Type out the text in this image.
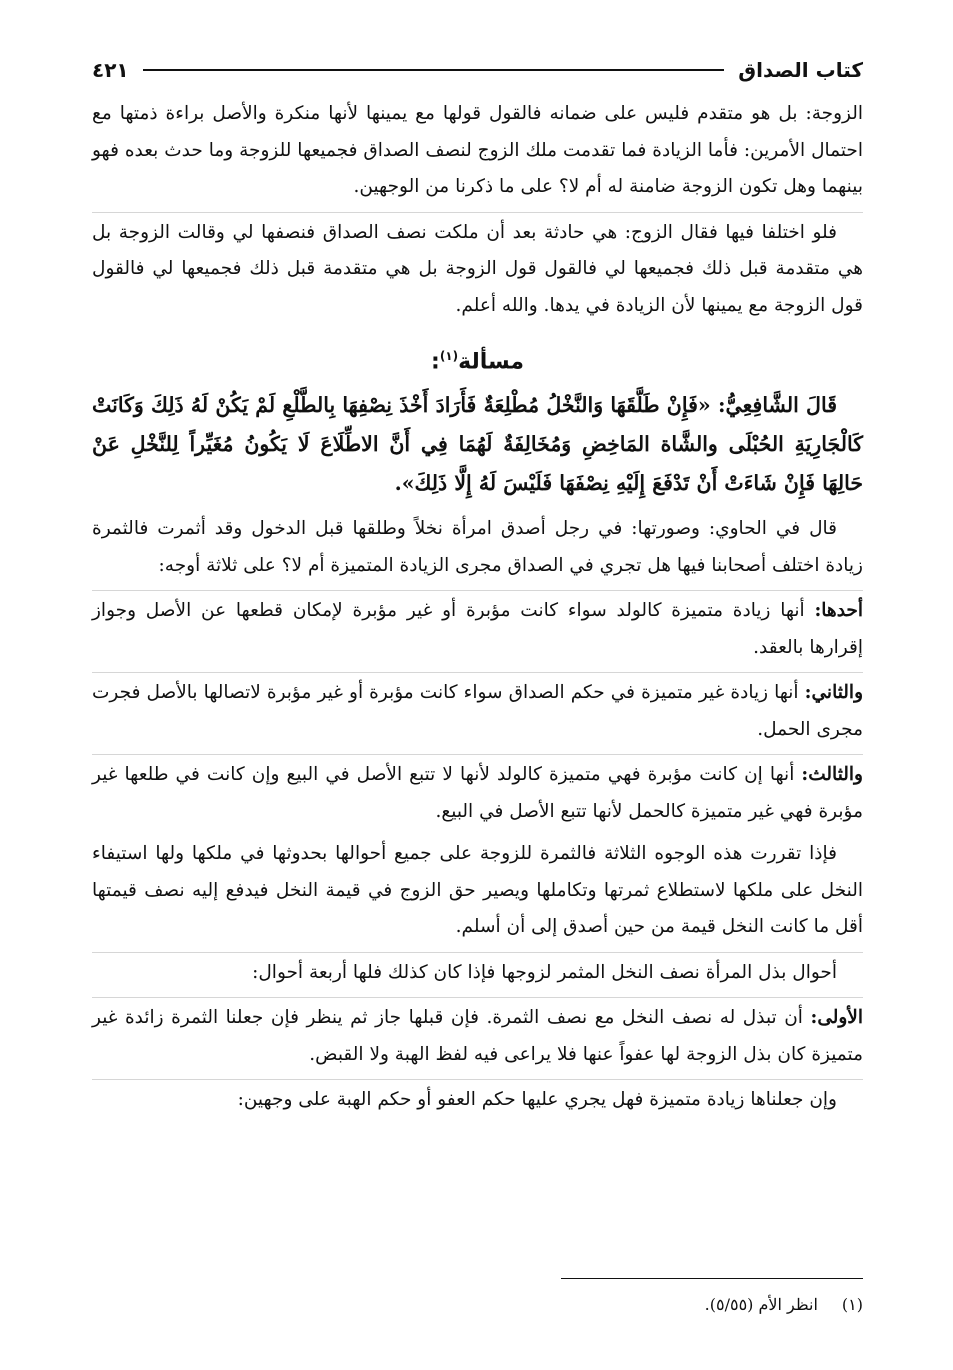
كتاب الصداق
٤٢١

الزوجة: بل هو متقدم فليس على ضمانه فالقول قولها مع يمينها لأنها منكرة والأصل براءة ذمتها مع احتمال الأمرين: فأما الزيادة فما تقدمت ملك الزوج لنصف الصداق فجميعها للزوجة وما حدث بعده فهو بينهما وهل تكون الزوجة ضامنة له أم لا؟ على ما ذكرنا من الوجهين.

فلو اختلفا فيها فقال الزوج: هي حادثة بعد أن ملكت نصف الصداق فنصفها لي وقالت الزوجة بل هي متقدمة قبل ذلك فجميعها لي فالقول قول الزوجة بل هي متقدمة قبل ذلك فجميعها لي فالقول قول الزوجة مع يمينها لأن الزيادة في يدها. والله أعلم.

مسألة$^{(١)}$:

قَالَ الشَّافِعِيُّ: «فَإِنْ طَلَّقَهَا وَالنَّخْلُ مُطْلِعَةٌ فَأَرَادَ أَخْذَ نِصْفِهَا بِالطَّلْعِ لَمْ يَكُنْ لَهُ ذَلِكَ وَكَانَتْ كَالْجَارِيَةِ الحُبْلَى والشَّاة المَاخِضِ وَمُخَالِفَةٌ لَهُمَا فِي أَنَّ الاطِّلَاعَ لَا يَكُونُ مُغَيِّراً لِلنَّخْلِ عَنْ حَالِهَا فَإِنْ شَاءَتْ أَنْ تَدْفَعَ إِلَيْهِ نِصْفَهَا فَلَيْسَ لَهُ إِلَّا ذَلِكَ».

قال في الحاوي: وصورتها: في رجل أصدق امرأة نخلاً وطلقها قبل الدخول وقد أثمرت فالثمرة زيادة اختلف أصحابنا فيها هل تجري في الصداق مجرى الزيادة المتميزة أم لا؟ على ثلاثة أوجه:

أحدها: أنها زيادة متميزة كالولد سواء كانت مؤبرة أو غير مؤبرة لإمكان قطعها عن الأصل وجواز إقرارها بالعقد.

والثاني: أنها زيادة غير متميزة في حكم الصداق سواء كانت مؤبرة أو غير مؤبرة لاتصالها بالأصل فجرت مجرى الحمل.

والثالث: أنها إن كانت مؤبرة فهي متميزة كالولد لأنها لا تتبع الأصل في البيع وإن كانت في طلعها غير مؤبرة فهي غير متميزة كالحمل لأنها تتبع الأصل في البيع.

فإذا تقررت هذه الوجوه الثلاثة فالثمرة للزوجة على جميع أحوالها بحدوثها في ملكها ولها استيفاء النخل على ملكها لاستطلاع ثمرتها وتكاملها ويصير حق الزوج في قيمة النخل فيدفع إليه نصف قيمتها أقل ما كانت النخل قيمة من حين أصدق إلى أن أسلم.

أحوال بذل المرأة نصف النخل المثمر لزوجها فإذا كان كذلك فلها أربعة أحوال:

الأولى: أن تبذل له نصف النخل مع نصف الثمرة. فإن قبلها جاز ثم ينظر فإن جعلنا الثمرة زائدة غير متميزة كان بذل الزوجة لها عفواً عنها فلا يراعى فيه لفظ الهبة ولا القبض.

وإن جعلناها زيادة متميزة فهل يجري عليها حكم العفو أو حكم الهبة على وجهين:

(١)انظر الأم (٥/٥٥).
